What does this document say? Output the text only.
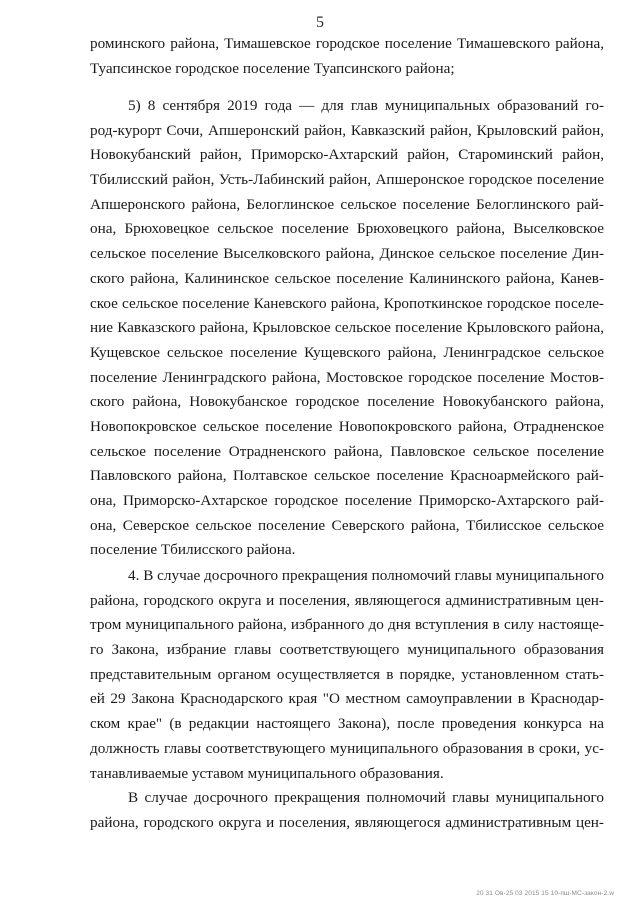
5
роминского района, Тимашевское городское поселение Тимашевского района,
Туапсинское городское поселение Туапсинского района;
5) 8 сентября 2019 года — для глав муниципальных образований го-
род-курорт Сочи, Апшеронский район, Кавказский район, Крыловский район,
Новокубанский район, Приморско-Ахтарский район, Староминский район,
Тбилисский район, Усть-Лабинский район, Апшеронское городское поселение
Апшеронского района, Белоглинское сельское поселение Белоглинского рай-
она, Брюховецкое сельское поселение Брюховецкого района, Выселковское
сельское поселение Выселковского района, Динское сельское поселение Дин-
ского района, Калининское сельское поселение Калининского района, Канев-
ское сельское поселение Каневского района, Кропоткинское городское поселе-
ние Кавказского района, Крыловское сельское поселение Крыловского района,
Кущевское сельское поселение Кущевского района, Ленинградское сельское
поселение Ленинградского района, Мостовское городское поселение Мостов-
ского района, Новокубанское городское поселение Новокубанского района,
Новопокровское сельское поселение Новопокровского района, Отрадненское
сельское поселение Отрадненского района, Павловское сельское поселение
Павловского района, Полтавское сельское поселение Красноармейского рай-
она, Приморско-Ахтарское городское поселение Приморско-Ахтарского рай-
она, Северское сельское поселение Северского района, Тбилисское сельское
поселение Тбилисского района.
4. В случае досрочного прекращения полномочий главы муниципального
района, городского округа и поселения, являющегося административным цен-
тром муниципального района, избранного до дня вступления в силу настояще-
го Закона, избрание главы соответствующего муниципального образования
представительным органом осуществляется в порядке, установленном стать-
ей 29 Закона Краснодарского края "О местном самоуправлении в Краснодар-
ском крае" (в редакции настоящего Закона), после проведения конкурса на
должность главы соответствующего муниципального образования в сроки, ус-
танавливаемые уставом муниципального образования.
В случае досрочного прекращения полномочий главы муниципального
района, городского округа и поселения, являющегося административным цен-
20 31 Ов-25 03 2015 15 10-пш-МС-закон-2.w
